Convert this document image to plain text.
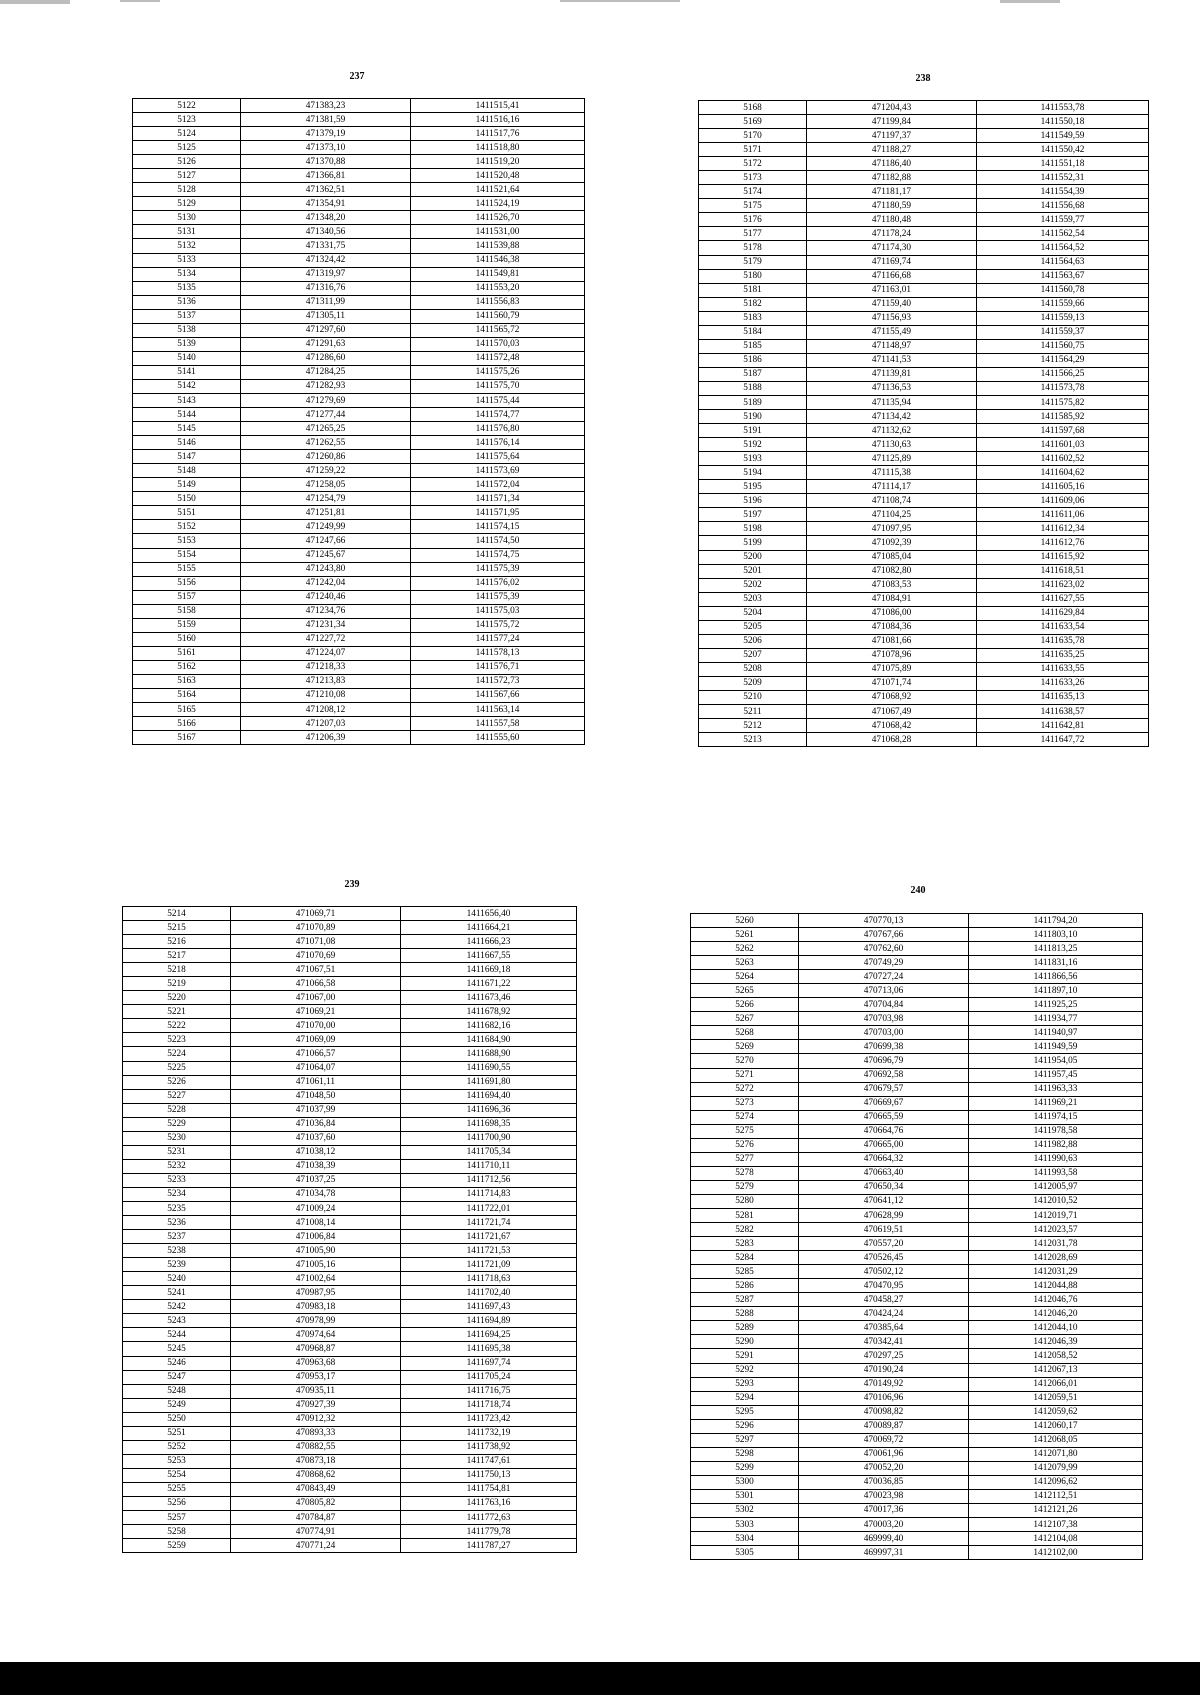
237
5122	471383,23	1411515,41
5123	471381,59	1411516,16
5124	471379,19	1411517,76
5125	471373,10	1411518,80
5126	471370,88	1411519,20
5127	471366,81	1411520,48
5128	471362,51	1411521,64
5129	471354,91	1411524,19
5130	471348,20	1411526,70
5131	471340,56	1411531,00
5132	471331,75	1411539,88
5133	471324,42	1411546,38
5134	471319,97	1411549,81
5135	471316,76	1411553,20
5136	471311,99	1411556,83
5137	471305,11	1411560,79
5138	471297,60	1411565,72
5139	471291,63	1411570,03
5140	471286,60	1411572,48
5141	471284,25	1411575,26
5142	471282,93	1411575,70
5143	471279,69	1411575,44
5144	471277,44	1411574,77
5145	471265,25	1411576,80
5146	471262,55	1411576,14
5147	471260,86	1411575,64
5148	471259,22	1411573,69
5149	471258,05	1411572,04
5150	471254,79	1411571,34
5151	471251,81	1411571,95
5152	471249,99	1411574,15
5153	471247,66	1411574,50
5154	471245,67	1411574,75
5155	471243,80	1411575,39
5156	471242,04	1411576,02
5157	471240,46	1411575,39
5158	471234,76	1411575,03
5159	471231,34	1411575,72
5160	471227,72	1411577,24
5161	471224,07	1411578,13
5162	471218,33	1411576,71
5163	471213,83	1411572,73
5164	471210,08	1411567,66
5165	471208,12	1411563,14
5166	471207,03	1411557,58
5167	471206,39	1411555,60
238
5168	471204,43	1411553,78
5169	471199,84	1411550,18
5170	471197,37	1411549,59
5171	471188,27	1411550,42
5172	471186,40	1411551,18
5173	471182,88	1411552,31
5174	471181,17	1411554,39
5175	471180,59	1411556,68
5176	471180,48	1411559,77
5177	471178,24	1411562,54
5178	471174,30	1411564,52
5179	471169,74	1411564,63
5180	471166,68	1411563,67
5181	471163,01	1411560,78
5182	471159,40	1411559,66
5183	471156,93	1411559,13
5184	471155,49	1411559,37
5185	471148,97	1411560,75
5186	471141,53	1411564,29
5187	471139,81	1411566,25
5188	471136,53	1411573,78
5189	471135,94	1411575,82
5190	471134,42	1411585,92
5191	471132,62	1411597,68
5192	471130,63	1411601,03
5193	471125,89	1411602,52
5194	471115,38	1411604,62
5195	471114,17	1411605,16
5196	471108,74	1411609,06
5197	471104,25	1411611,06
5198	471097,95	1411612,34
5199	471092,39	1411612,76
5200	471085,04	1411615,92
5201	471082,80	1411618,51
5202	471083,53	1411623,02
5203	471084,91	1411627,55
5204	471086,00	1411629,84
5205	471084,36	1411633,54
5206	471081,66	1411635,78
5207	471078,96	1411635,25
5208	471075,89	1411633,55
5209	471071,74	1411633,26
5210	471068,92	1411635,13
5211	471067,49	1411638,57
5212	471068,42	1411642,81
5213	471068,28	1411647,72
239
5214	471069,71	1411656,40
5215	471070,89	1411664,21
5216	471071,08	1411666,23
5217	471070,69	1411667,55
5218	471067,51	1411669,18
5219	471066,58	1411671,22
5220	471067,00	1411673,46
5221	471069,21	1411678,92
5222	471070,00	1411682,16
5223	471069,09	1411684,90
5224	471066,57	1411688,90
5225	471064,07	1411690,55
5226	471061,11	1411691,80
5227	471048,50	1411694,40
5228	471037,99	1411696,36
5229	471036,84	1411698,35
5230	471037,60	1411700,90
5231	471038,12	1411705,34
5232	471038,39	1411710,11
5233	471037,25	1411712,56
5234	471034,78	1411714,83
5235	471009,24	1411722,01
5236	471008,14	1411721,74
5237	471006,84	1411721,67
5238	471005,90	1411721,53
5239	471005,16	1411721,09
5240	471002,64	1411718,63
5241	470987,95	1411702,40
5242	470983,18	1411697,43
5243	470978,99	1411694,89
5244	470974,64	1411694,25
5245	470968,87	1411695,38
5246	470963,68	1411697,74
5247	470953,17	1411705,24
5248	470935,11	1411716,75
5249	470927,39	1411718,74
5250	470912,32	1411723,42
5251	470893,33	1411732,19
5252	470882,55	1411738,92
5253	470873,18	1411747,61
5254	470868,62	1411750,13
5255	470843,49	1411754,81
5256	470805,82	1411763,16
5257	470784,87	1411772,63
5258	470774,91	1411779,78
5259	470771,24	1411787,27
240
5260	470770,13	1411794,20
5261	470767,66	1411803,10
5262	470762,60	1411813,25
5263	470749,29	1411831,16
5264	470727,24	1411866,56
5265	470713,06	1411897,10
5266	470704,84	1411925,25
5267	470703,98	1411934,77
5268	470703,00	1411940,97
5269	470699,38	1411949,59
5270	470696,79	1411954,05
5271	470692,58	1411957,45
5272	470679,57	1411963,33
5273	470669,67	1411969,21
5274	470665,59	1411974,15
5275	470664,76	1411978,58
5276	470665,00	1411982,88
5277	470664,32	1411990,63
5278	470663,40	1411993,58
5279	470650,34	1412005,97
5280	470641,12	1412010,52
5281	470628,99	1412019,71
5282	470619,51	1412023,57
5283	470557,20	1412031,78
5284	470526,45	1412028,69
5285	470502,12	1412031,29
5286	470470,95	1412044,88
5287	470458,27	1412046,76
5288	470424,24	1412046,20
5289	470385,64	1412044,10
5290	470342,41	1412046,39
5291	470297,25	1412058,52
5292	470190,24	1412067,13
5293	470149,92	1412066,01
5294	470106,96	1412059,51
5295	470098,82	1412059,62
5296	470089,87	1412060,17
5297	470069,72	1412068,05
5298	470061,96	1412071,80
5299	470052,20	1412079,99
5300	470036,85	1412096,62
5301	470023,98	1412112,51
5302	470017,36	1412121,26
5303	470003,20	1412107,38
5304	469999,40	1412104,08
5305	469997,31	1412102,00
